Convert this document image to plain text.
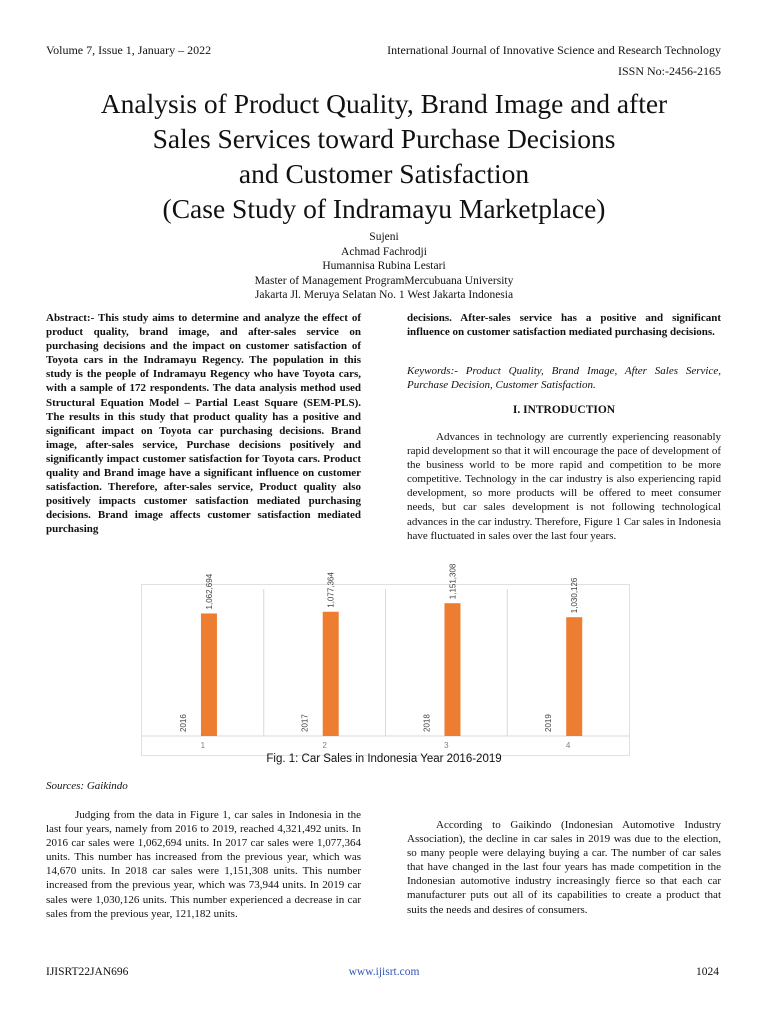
Volume 7, Issue 1, January – 2022	International Journal of Innovative Science and Research Technology
ISSN No:-2456-2165
Analysis of Product Quality, Brand Image and after
Sales Services toward Purchase Decisions
and Customer Satisfaction
(Case Study of Indramayu Marketplace)
Sujeni
Achmad Fachrodji
Humannisa Rubina Lestari
Master of Management ProgramMercubuana University
Jakarta Jl. Meruya Selatan No. 1 West Jakarta Indonesia
Abstract:- This study aims to determine and analyze the effect of product quality, brand image, and after-sales service on purchasing decisions and the impact on customer satisfaction of Toyota cars in the Indramayu Regency. The population in this study is the people of Indramayu Regency who have Toyota cars, with a sample of 172 respondents. The data analysis method used Structural Equation Model – Partial Least Square (SEM-PLS). The results in this study that product quality has a positive and significant impact on Toyota car purchasing decisions. Brand image, after-sales service, Purchase decisions positively and significantly impact customer satisfaction for Toyota cars. Product quality and Brand image have a significant influence on customer satisfaction. Therefore, after-sales service, Product quality also positively impacts customer satisfaction mediated purchasing decisions. Brand image affects customer satisfaction mediated purchasing
decisions. After-sales service has a positive and significant influence on customer satisfaction mediated purchasing decisions.
Keywords:- Product Quality, Brand Image, After Sales Service, Purchase Decision, Customer Satisfaction.
I. INTRODUCTION
Advances in technology are currently experiencing reasonably rapid development so that it will encourage the pace of development of the business world to be more rapid and competition to be more competitive. Technology in the car industry is also experiencing rapid development, so more products will be offered to meet consumer needs, but car sales development is not following technological advances in the car industry. Therefore, Figure 1 Car sales in Indonesia have fluctuated in sales over the last four years.
1,062,694
2016
1
1,077,364
2017
2
1,151,308
2018
3
1,030,126
2019
4
Fig. 1: Car Sales in Indonesia Year 2016-2019
Sources: Gaikindo
Judging from the data in Figure 1, car sales in Indonesia in the last four years, namely from 2016 to 2019, reached 4,321,492 units. In 2016 car sales were 1,062,694 units. In 2017 car sales were 1,077,364 units. This number has increased from the previous year, which was 14,670 units. In 2018 car sales were 1,151,308 units. This number increased from the previous year, which was 73,944 units. In 2019 car sales were 1,030,126 units. This number experienced a decrease in car sales from the previous year, 121,182 units.
According to Gaikindo (Indonesian Automotive Industry Association), the decline in car sales in 2019 was due to the election, so many people were delaying buying a car. The number of car sales that have changed in the last four years has made competition in the Indonesian automotive industry increasingly fierce so that each car manufacturer puts out all of its capabilities to create a product that suits the needs and desires of consumers.
IJISRT22JAN696	www.ijisrt.com	1024
